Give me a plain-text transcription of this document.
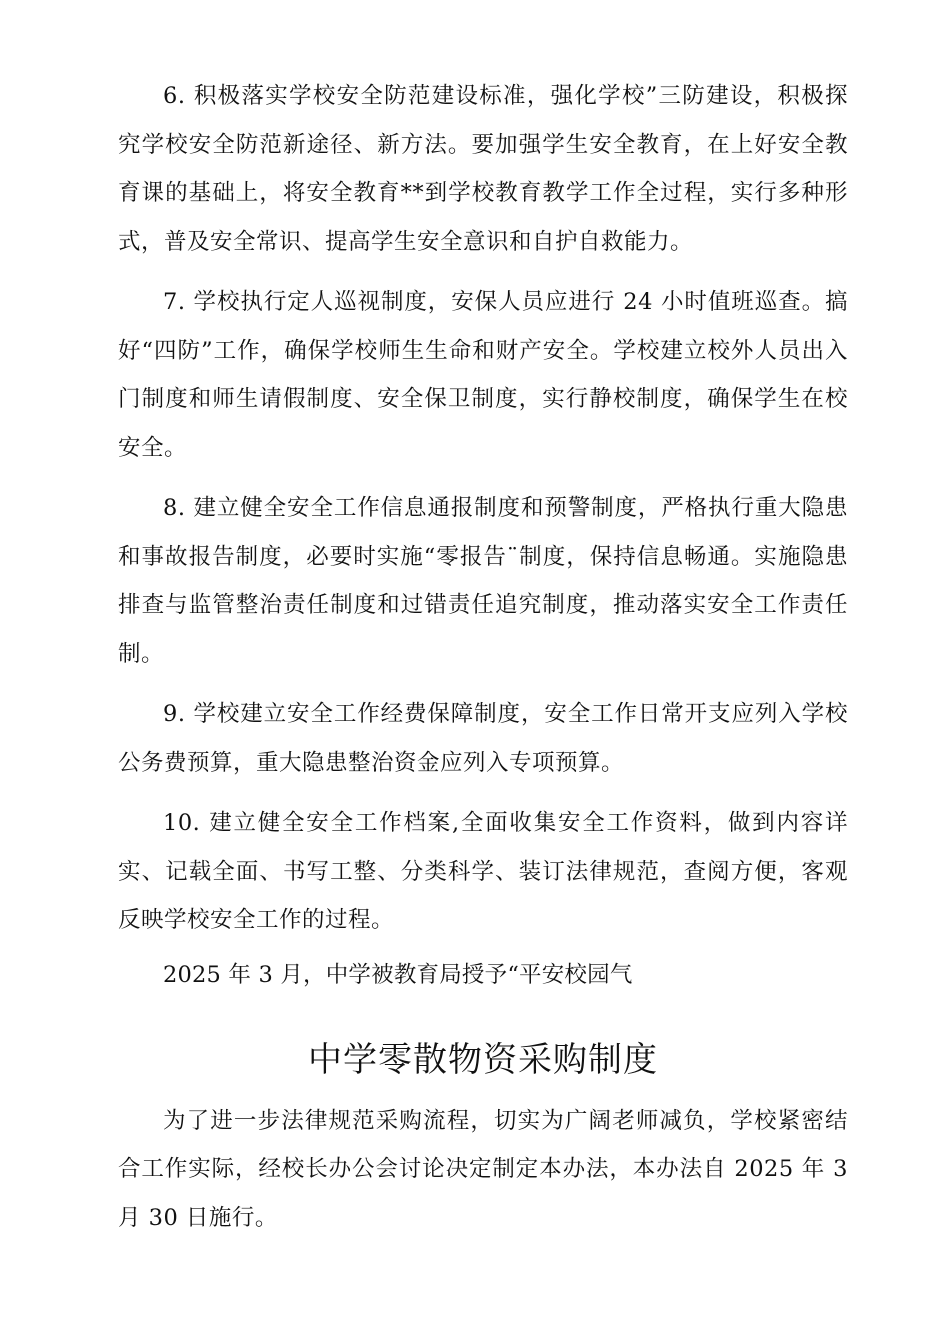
6. 积极落实学校安全防范建设标准，强化学校”三防建设，积极探究学校安全防范新途径、新方法。要加强学生安全教育，在上好安全教育课的基础上，将安全教育**到学校教育教学工作全过程，实行多种形式，普及安全常识、提高学生安全意识和自护自救能力。

7. 学校执行定人巡视制度，安保人员应进行 24 小时值班巡查。搞好“四防”工作，确保学校师生生命和财产安全。学校建立校外人员出入门制度和师生请假制度、安全保卫制度，实行静校制度，确保学生在校安全。

8. 建立健全安全工作信息通报制度和预警制度，严格执行重大隐患和事故报告制度，必要时实施“零报告¨制度，保持信息畅通。实施隐患排查与监管整治责任制度和过错责任追究制度，推动落实安全工作责任制。

9. 学校建立安全工作经费保障制度，安全工作日常开支应列入学校公务费预算，重大隐患整治资金应列入专项预算。

10. 建立健全安全工作档案,全面收集安全工作资料，做到内容详实、记载全面、书写工整、分类科学、装订法律规范，查阅方便，客观反映学校安全工作的过程。

2025 年 3 月，中学被教育局授予“平安校园气

中学零散物资采购制度

为了进一步法律规范采购流程，切实为广阔老师减负，学校紧密结合工作实际，经校长办公会讨论决定制定本办法，本办法自 2025 年 3 月 30 日施行。
